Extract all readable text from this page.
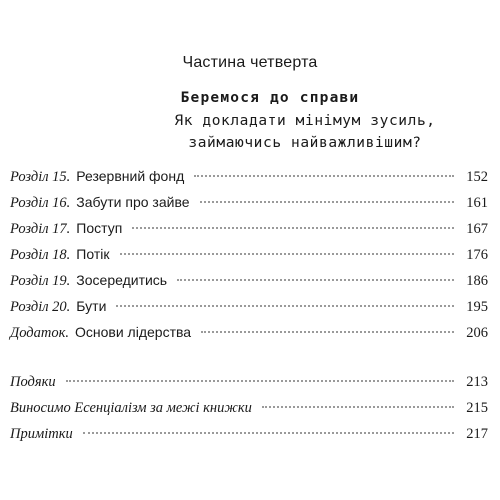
Частина четверта
Беремося до справи
Як докладати мінімум зусиль,
займаючись найважливішим?
Розділ 15. Резервний фонд	152
Розділ 16. Забути про зайве	161
Розділ 17. Поступ	167
Розділ 18. Потік	176
Розділ 19. Зосередитись	186
Розділ 20. Бути	195
Додаток. Основи лідерства	206
Подяки	213
Виносимо Есенціалізм за межі книжки	215
Примітки	217
